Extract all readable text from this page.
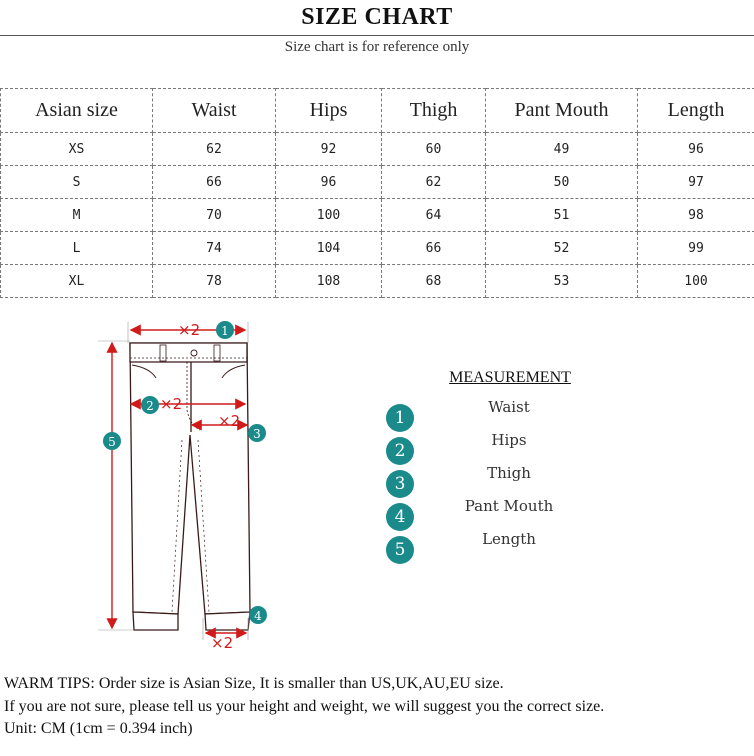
SIZE CHART
Size chart is for reference only
Asian size	Waist	Hips	Thigh	Pant Mouth	Length
XS	62	92	60	49	96
S	66	96	62	50	97
M	70	100	64	51	98
L	74	104	66	52	99
XL	78	108	68	53	100
×2
×2
×2
×2
1
2
3
4
5
MEASUREMENT
1
Waist
2
Hips
3
Thigh
4
Pant Mouth
5
Length
WARM TIPS: Order size is Asian Size, It is smaller than US,UK,AU,EU size.
If you are not sure, please tell us your height and weight, we will suggest you the correct size.
Unit: CM (1cm = 0.394 inch)
